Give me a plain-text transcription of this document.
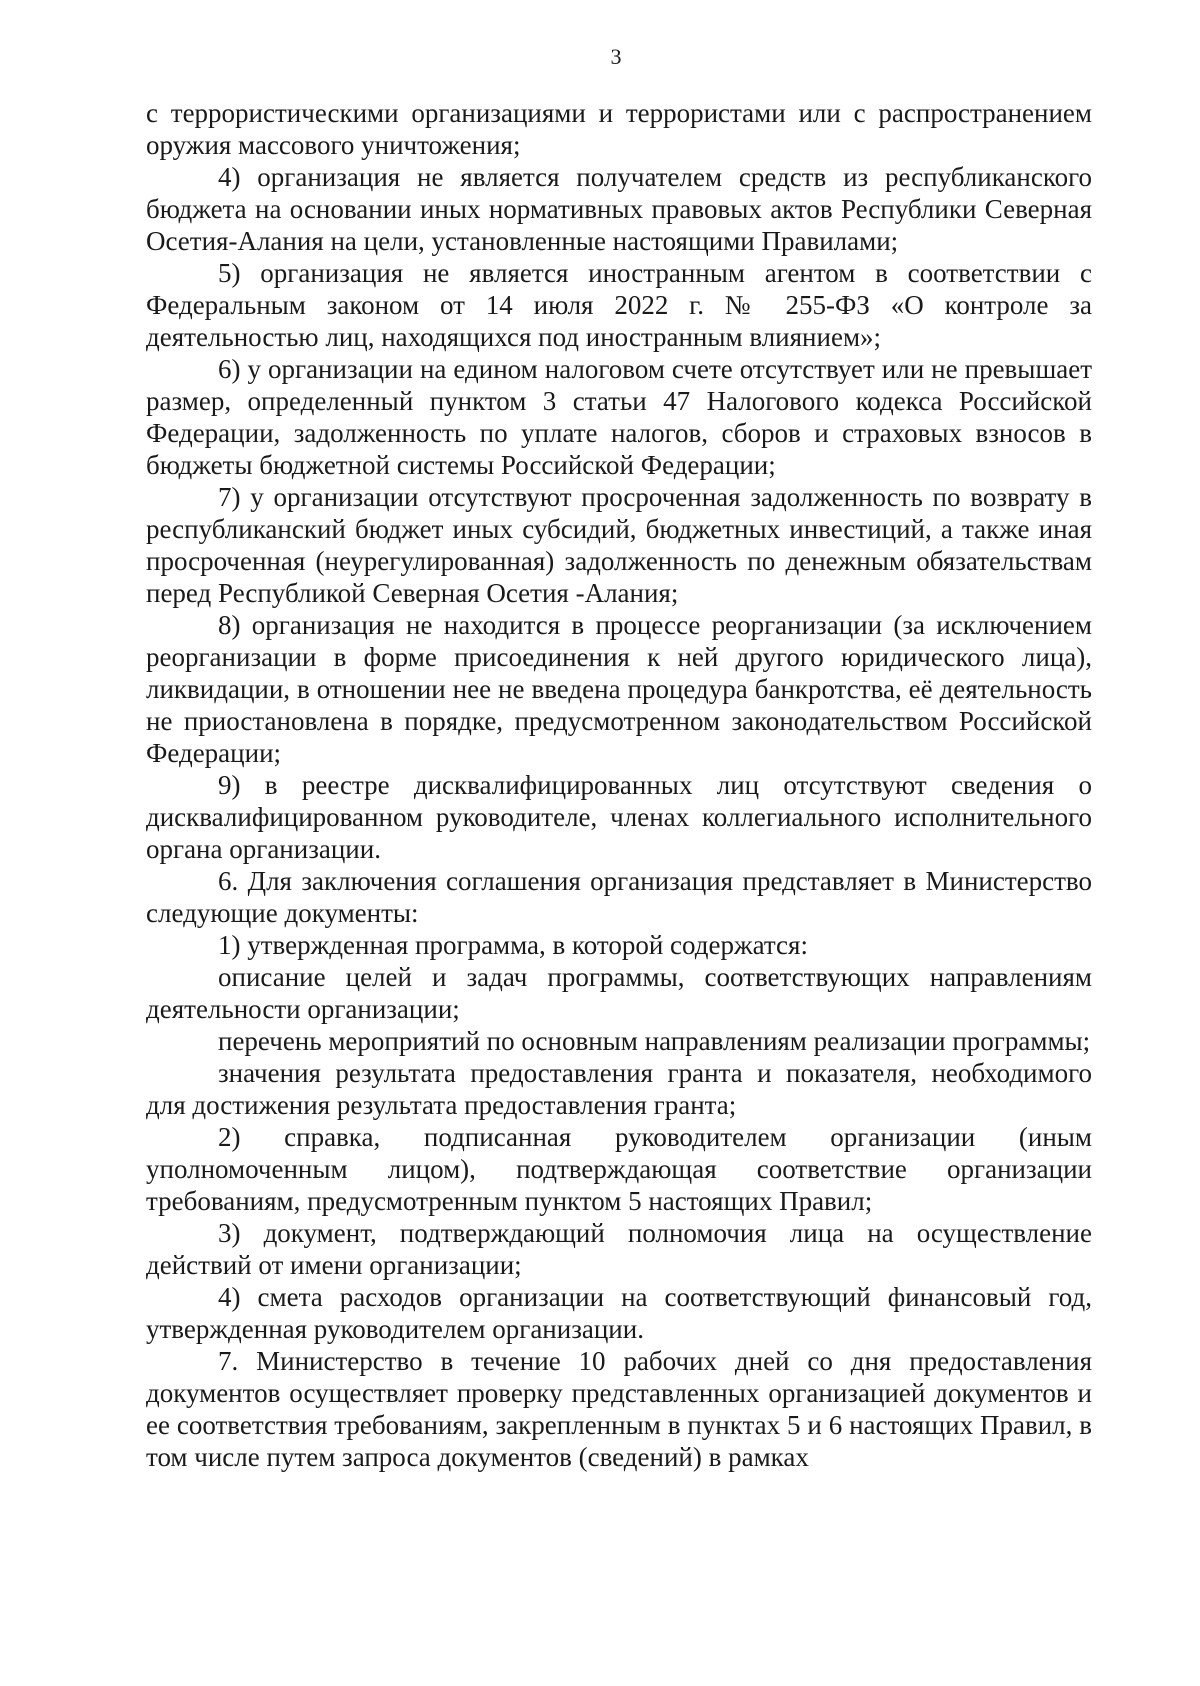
3

с террористическими организациями и террористами или с распространением оружия массового уничтожения;

4) организация не является получателем средств из республиканского бюджета на основании иных нормативных правовых актов Республики Северная Осетия-Алания на цели, установленные настоящими Правилами;

5) организация не является иностранным агентом в соответствии с Федеральным законом от 14 июля 2022 г. № 255-ФЗ «О контроле за деятельностью лиц, находящихся под иностранным влиянием»;

6) у организации на едином налоговом счете отсутствует или не превышает размер, определенный пунктом 3 статьи 47 Налогового кодекса Российской Федерации, задолженность по уплате налогов, сборов и страховых взносов в бюджеты бюджетной системы Российской Федерации;

7) у организации отсутствуют просроченная задолженность по возврату в республиканский бюджет иных субсидий, бюджетных инвестиций, а также иная просроченная (неурегулированная) задолженность по денежным обязательствам перед Республикой Северная Осетия -Алания;

8) организация не находится в процессе реорганизации (за исключением реорганизации в форме присоединения к ней другого юридического лица), ликвидации, в отношении нее не введена процедура банкротства, её деятельность не приостановлена в порядке, предусмотренном законодательством Российской Федерации;

9) в реестре дисквалифицированных лиц отсутствуют сведения о дисквалифицированном руководителе, членах коллегиального исполнительного органа организации.

6. Для заключения соглашения организация представляет в Министерство следующие документы:

1) утвержденная программа, в которой содержатся:

описание целей и задач программы, соответствующих направлениям деятельности организации;

перечень мероприятий по основным направлениям реализации программы;

значения результата предоставления гранта и показателя, необходимого для достижения результата предоставления гранта;

2) справка, подписанная руководителем организации (иным уполномоченным лицом), подтверждающая соответствие организации требованиям, предусмотренным пунктом 5 настоящих Правил;

3) документ, подтверждающий полномочия лица на осуществление действий от имени организации;

4) смета расходов организации на соответствующий финансовый год, утвержденная руководителем организации.

7. Министерство в течение 10 рабочих дней со дня предоставления документов осуществляет проверку представленных организацией документов и ее соответствия требованиям, закрепленным в пунктах 5 и 6 настоящих Правил, в том числе путем запроса документов (сведений) в рамках
